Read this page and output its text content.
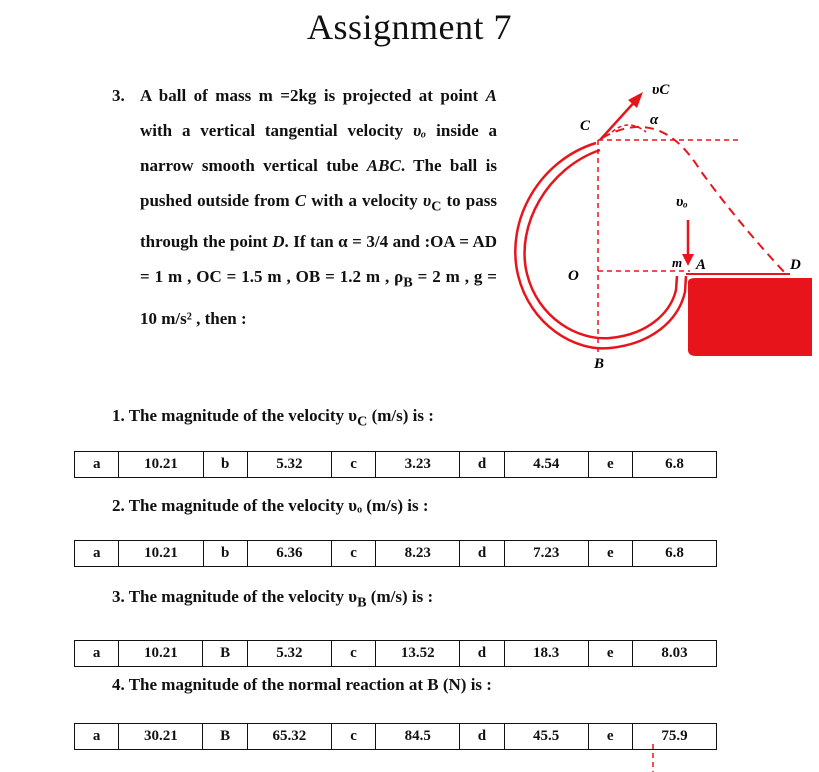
Assignment 7
3. A ball of mass m =2kg is projected at point A with a vertical tangential velocity υₒ inside a narrow smooth vertical tube ABC. The ball is pushed outside from C with a velocity $\upsilon_C$ to pass through the point D. If tan α = 3/4 and :OA = AD = 1 m , OC = 1.5 m , OB = 1.2 m , $\rho_B = 2$ m , g = 10 m/s² , then :
υC
C	α
υₒ
O
m A	D
B
1. The magnitude of the velocity $\upsilon_C$ (m/s) is :
a	10.21	b	5.32	c	3.23	d	4.54	e	6.8
2. The magnitude of the velocity υₒ (m/s) is :
a	10.21	b	6.36	c	8.23	d	7.23	e	6.8
3. The magnitude of the velocity $\upsilon_B$ (m/s) is :
a	10.21	B	5.32	c	13.52	d	18.3	e	8.03
4. The magnitude of the normal reaction at B (N) is :
a	30.21	B	65.32	c	84.5	d	45.5	e	75.9
